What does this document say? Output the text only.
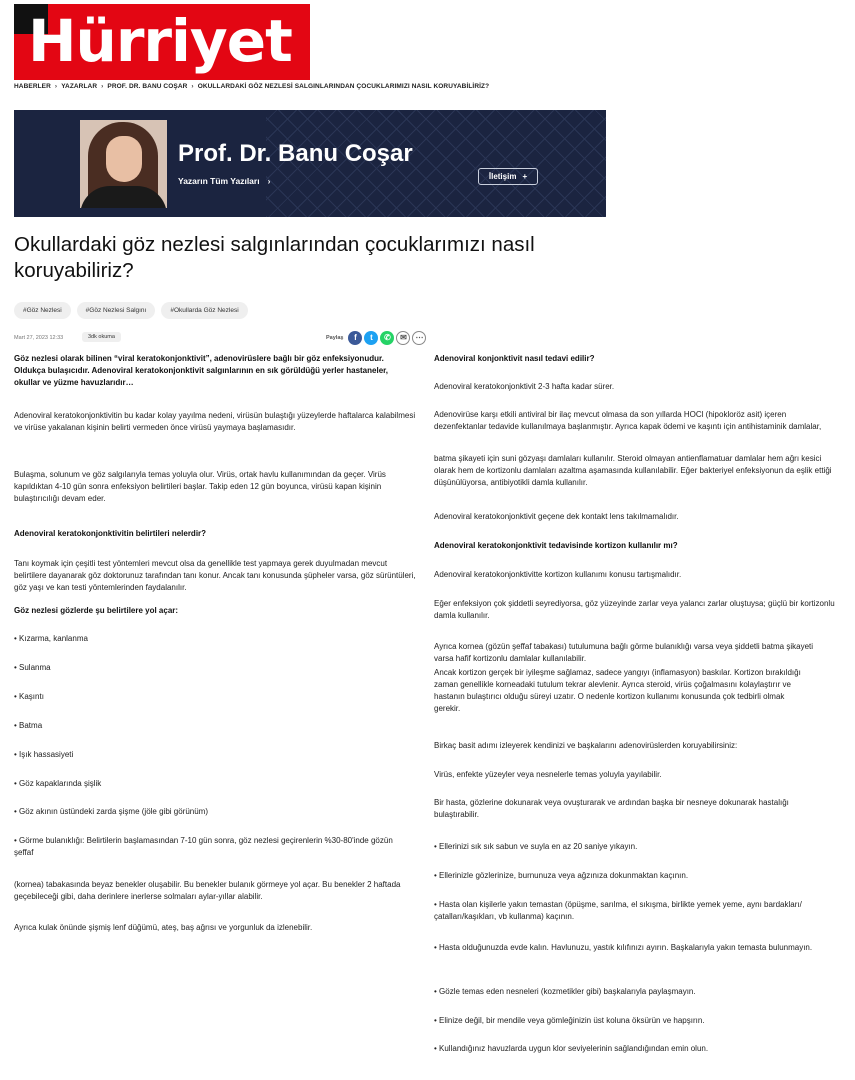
Hürriyet
HABERLER › YAZARLAR › PROF. DR. BANU COŞAR › OKULLARDAKİ GÖZ NEZLESİ SALGINLARINDAN ÇOCUKLARIMIZI NASIL KORUYABİLİRİZ?
Prof. Dr. Banu Coşar
Yazarın Tüm Yazıları ›	İletişim +
Okullardaki göz nezlesi salgınlarından çocuklarımızı nasıl koruyabiliriz?
#Göz Nezlesi	#Göz Nezlesi Salgını	#Okullarda Göz Nezlesi
Mart 27, 2023 12:33	3dk okuma	Paylaş	f	t	✆	✉	⋯

Göz nezlesi olarak bilinen “viral keratokonjonktivit”, adenovirüslere bağlı bir göz enfeksiyonudur. Oldukça bulaşıcıdır. Adenoviral keratokonjonktivit salgınlarının en sık görüldüğü yerler hastaneler, okullar ve yüzme havuzlarıdır…

Adenoviral keratokonjonktivitin bu kadar kolay yayılma nedeni, virüsün bulaştığı yüzeylerde haftalarca kalabilmesi ve virüse yakalanan kişinin belirti vermeden önce virüsü yaymaya başlamasıdır.

Bulaşma, solunum ve göz salgılarıyla temas yoluyla olur. Virüs, ortak havlu kullanımından da geçer. Virüs kapıldıktan 4-10 gün sonra enfeksiyon belirtileri başlar. Takip eden 12 gün boyunca, virüsü kapan kişinin bulaştırıcılığı devam eder.

Adenoviral keratokonjonktivitin belirtileri nelerdir?

Tanı koymak için çeşitli test yöntemleri mevcut olsa da genellikle test yapmaya gerek duyulmadan mevcut belirtilere dayanarak göz doktorunuz tarafından tanı konur. Ancak tanı konusunda şüpheler varsa, göz sürüntüleri, göz yaşı ve kan testi yöntemlerinden faydalanılır.

Göz nezlesi gözlerde şu belirtilere yol açar:

• Kızarma, kanlanma

• Sulanma

• Kaşıntı

• Batma

• Işık hassasiyeti

• Göz kapaklarında şişlik

• Göz akının üstündeki zarda şişme (jöle gibi görünüm)

• Görme bulanıklığı: Belirtilerin başlamasından 7-10 gün sonra, göz nezlesi geçirenlerin %30-80'inde gözün şeffaf

(kornea) tabakasında beyaz benekler oluşabilir. Bu benekler bulanık görmeye yol açar. Bu benekler 2 haftada geçebileceği gibi, daha derinlere inerlerse solmaları aylar-yıllar alabilir.

Ayrıca kulak önünde şişmiş lenf düğümü, ateş, baş ağrısı ve yorgunluk da izlenebilir.

Adenoviral konjonktivit nasıl tedavi edilir?

Adenoviral keratokonjonktivit 2-3 hafta kadar sürer.

Adenovirüse karşı etkili antiviral bir ilaç mevcut olmasa da son yıllarda HOCl (hipokloröz asit) içeren dezenfektanlar tedavide kullanılmaya başlanmıştır. Ayrıca kapak ödemi ve kaşıntı için antihistaminik damlalar,

batma şikayeti için suni gözyaşı damlaları kullanılır. Steroid olmayan antienflamatuar damlalar hem ağrı kesici olarak hem de kortizonlu damlaları azaltma aşamasında kullanılabilir. Eğer bakteriyel enfeksiyonun da eşlik ettiği düşünülüyorsa, antibiyotikli damla kullanılır.

Adenoviral keratokonjonktivit geçene dek kontakt lens takılmamalıdır.

Adenoviral keratokonjonktivit tedavisinde kortizon kullanılır mı?

Adenoviral keratokonjonktivitte kortizon kullanımı konusu tartışmalıdır.

Eğer enfeksiyon çok şiddetli seyrediyorsa, göz yüzeyinde zarlar veya yalancı zarlar oluştuysa; güçlü bir kortizonlu damla kullanılır.

Ayrıca kornea (gözün şeffaf tabakası) tutulumuna bağlı görme bulanıklığı varsa veya şiddetli batma şikayeti varsa hafif kortizonlu damlalar kullanılabilir.

Ancak kortizon gerçek bir iyileşme sağlamaz, sadece yangıyı (inflamasyon) baskılar. Kortizon bırakıldığı zaman genellikle korneadaki tutulum tekrar alevlenir. Ayrıca steroid, virüs çoğalmasını kolaylaştırır ve hastanın bulaştırıcı olduğu süreyi uzatır. O nedenle kortizon kullanımı konusunda çok tedbirli olmak gerekir.

Birkaç basit adımı izleyerek kendinizi ve başkalarını adenovirüslerden koruyabilirsiniz:

Virüs, enfekte yüzeyler veya nesnelerle temas yoluyla yayılabilir.

Bir hasta, gözlerine dokunarak veya ovuşturarak ve ardından başka bir nesneye dokunarak hastalığı bulaştırabilir.

• Ellerinizi sık sık sabun ve suyla en az 20 saniye yıkayın.

• Ellerinizle gözlerinize, burnunuza veya ağzınıza dokunmaktan kaçının.

• Hasta olan kişilerle yakın temastan (öpüşme, sarılma, el sıkışma, birlikte yemek yeme, aynı bardakları/çatalları/kaşıkları, vb kullanma) kaçının.

• Hasta olduğunuzda evde kalın. Havlunuzu, yastık kılıfınızı ayırın. Başkalarıyla yakın temasta bulunmayın.

• Gözle temas eden nesneleri (kozmetikler gibi) başkalarıyla paylaşmayın.

• Elinize değil, bir mendile veya gömleğinizin üst koluna öksürün ve hapşırın.

• Kullandığınız havuzlarda uygun klor seviyelerinin sağlandığından emin olun.
